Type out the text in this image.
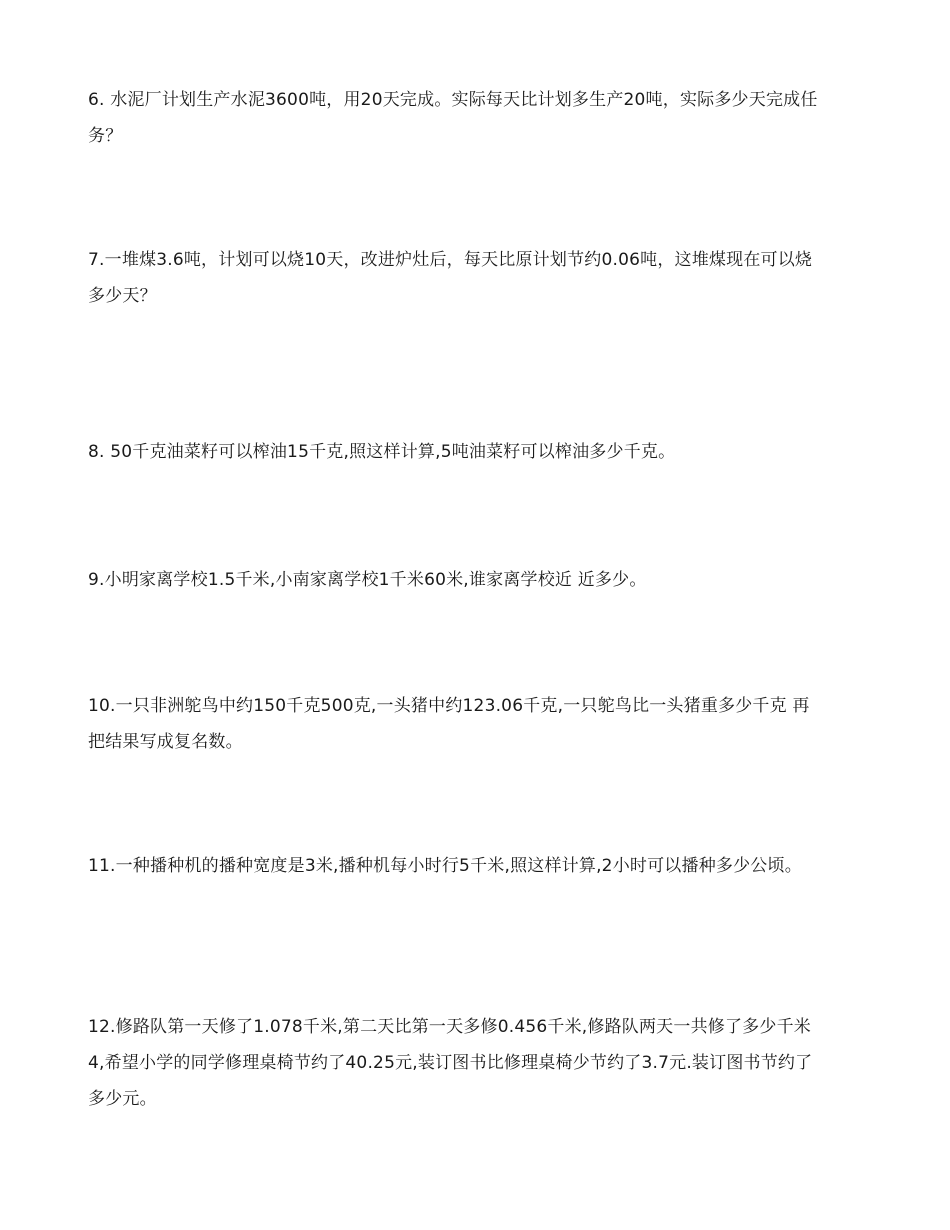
6. 水泥厂计划生产水泥3600吨，用20天完成。实际每天比计划多生产20吨，实际多少天完成任
务？

7.一堆煤3.6吨，计划可以烧10天，改进炉灶后，每天比原计划节约0.06吨，这堆煤现在可以烧
多少天？

8. 50千克油菜籽可以榨油15千克,照这样计算,5吨油菜籽可以榨油多少千克。

9.小明家离学校1.5千米,小南家离学校1千米60米,谁家离学校近 近多少。

10.一只非洲鸵鸟中约150千克500克,一头猪中约123.06千克,一只鸵鸟比一头猪重多少千克 再
把结果写成复名数。

11.一种播种机的播种宽度是3米,播种机每小时行5千米,照这样计算,2小时可以播种多少公顷。

12.修路队第一天修了1.078千米,第二天比第一天多修0.456千米,修路队两天一共修了多少千米
4,希望小学的同学修理桌椅节约了40.25元,装订图书比修理桌椅少节约了3.7元.装订图书节约了
多少元。
